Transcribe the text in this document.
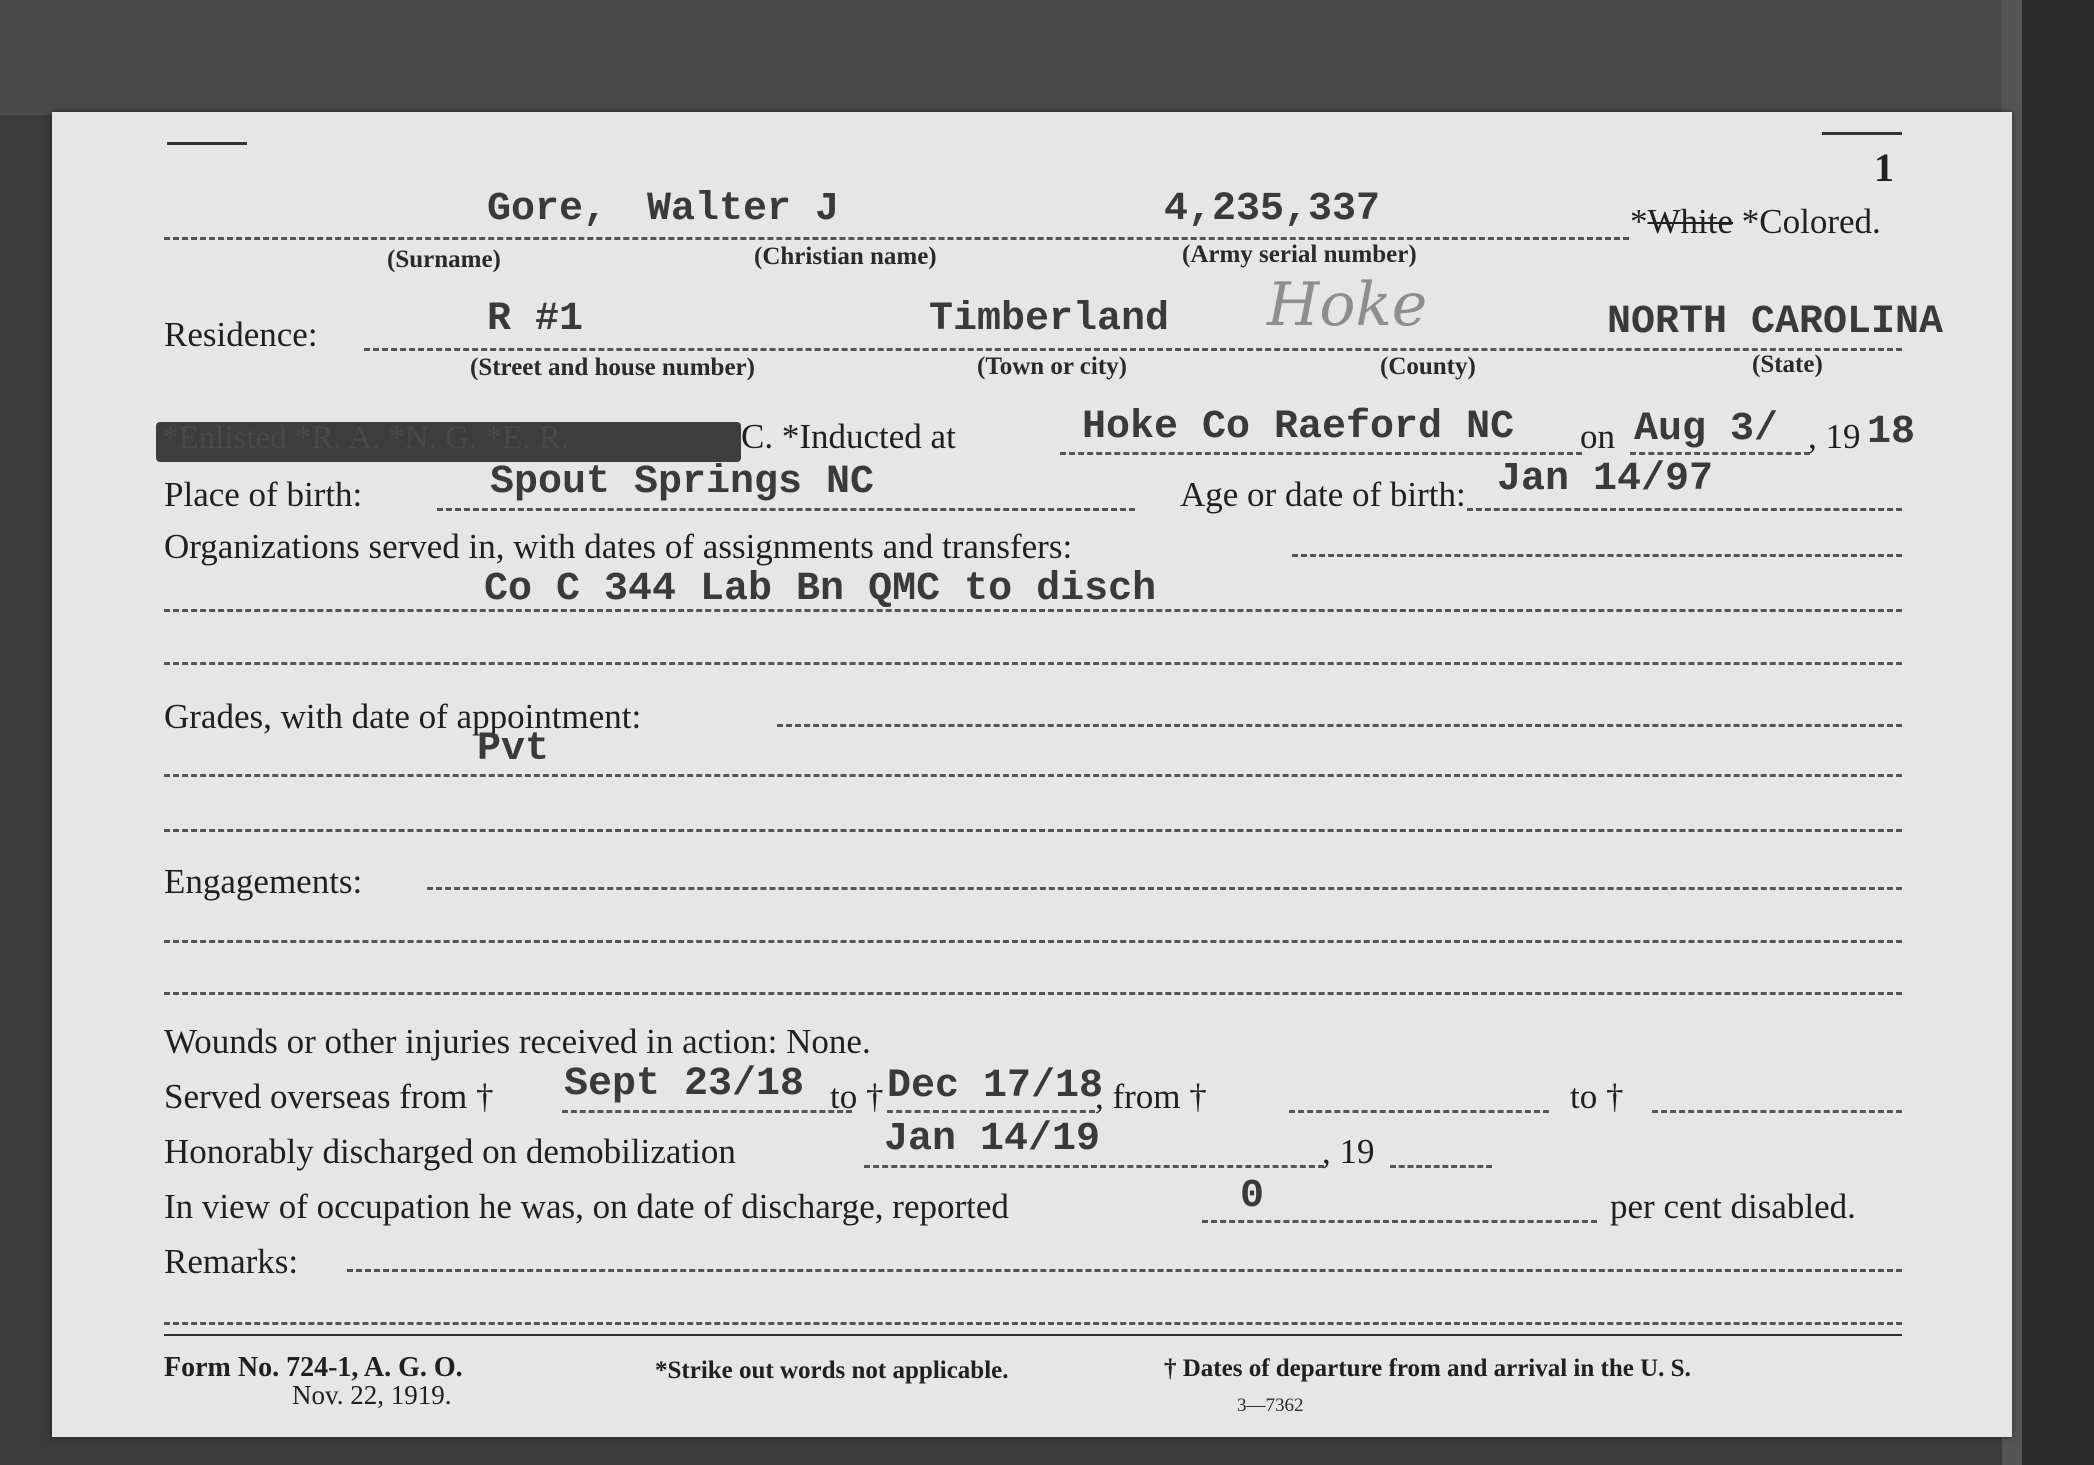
1
Gore, Walter J	4,235,337	*White *Colored.
(Surname)	(Christian name)	(Army serial number)
Residence:	R #1	Timberland Hoke	NORTH CAROLINA
(Street and house number)	(Town or city)	(County)	(State)
*Enlisted *R. A. *N. G. *E. R.	C. *Inducted at	Hoke Co Raeford NC on Aug 3/ , 19 18
Place of birth:	Spout Springs NC	Age or date of birth: Jan 14/97
Organizations served in, with dates of assignments and transfers:
Co C 344 Lab Bn QMC to disch
Grades, with date of appointment:
Pvt
Engagements:
Wounds or other injuries received in action: None.
Served overseas from † Sept 23/18 to † Dec 17/18
, from †	to †
Honorably discharged on demobilization	Jan 14/19	, 19
In view of occupation he was, on date of discharge, reported	0	per cent disabled.
Remarks:
Form No. 724-1, A. G. O.
Nov. 22, 1919.
*Strike out words not applicable.	† Dates of departure from and arrival in the U. S.
3—7362
